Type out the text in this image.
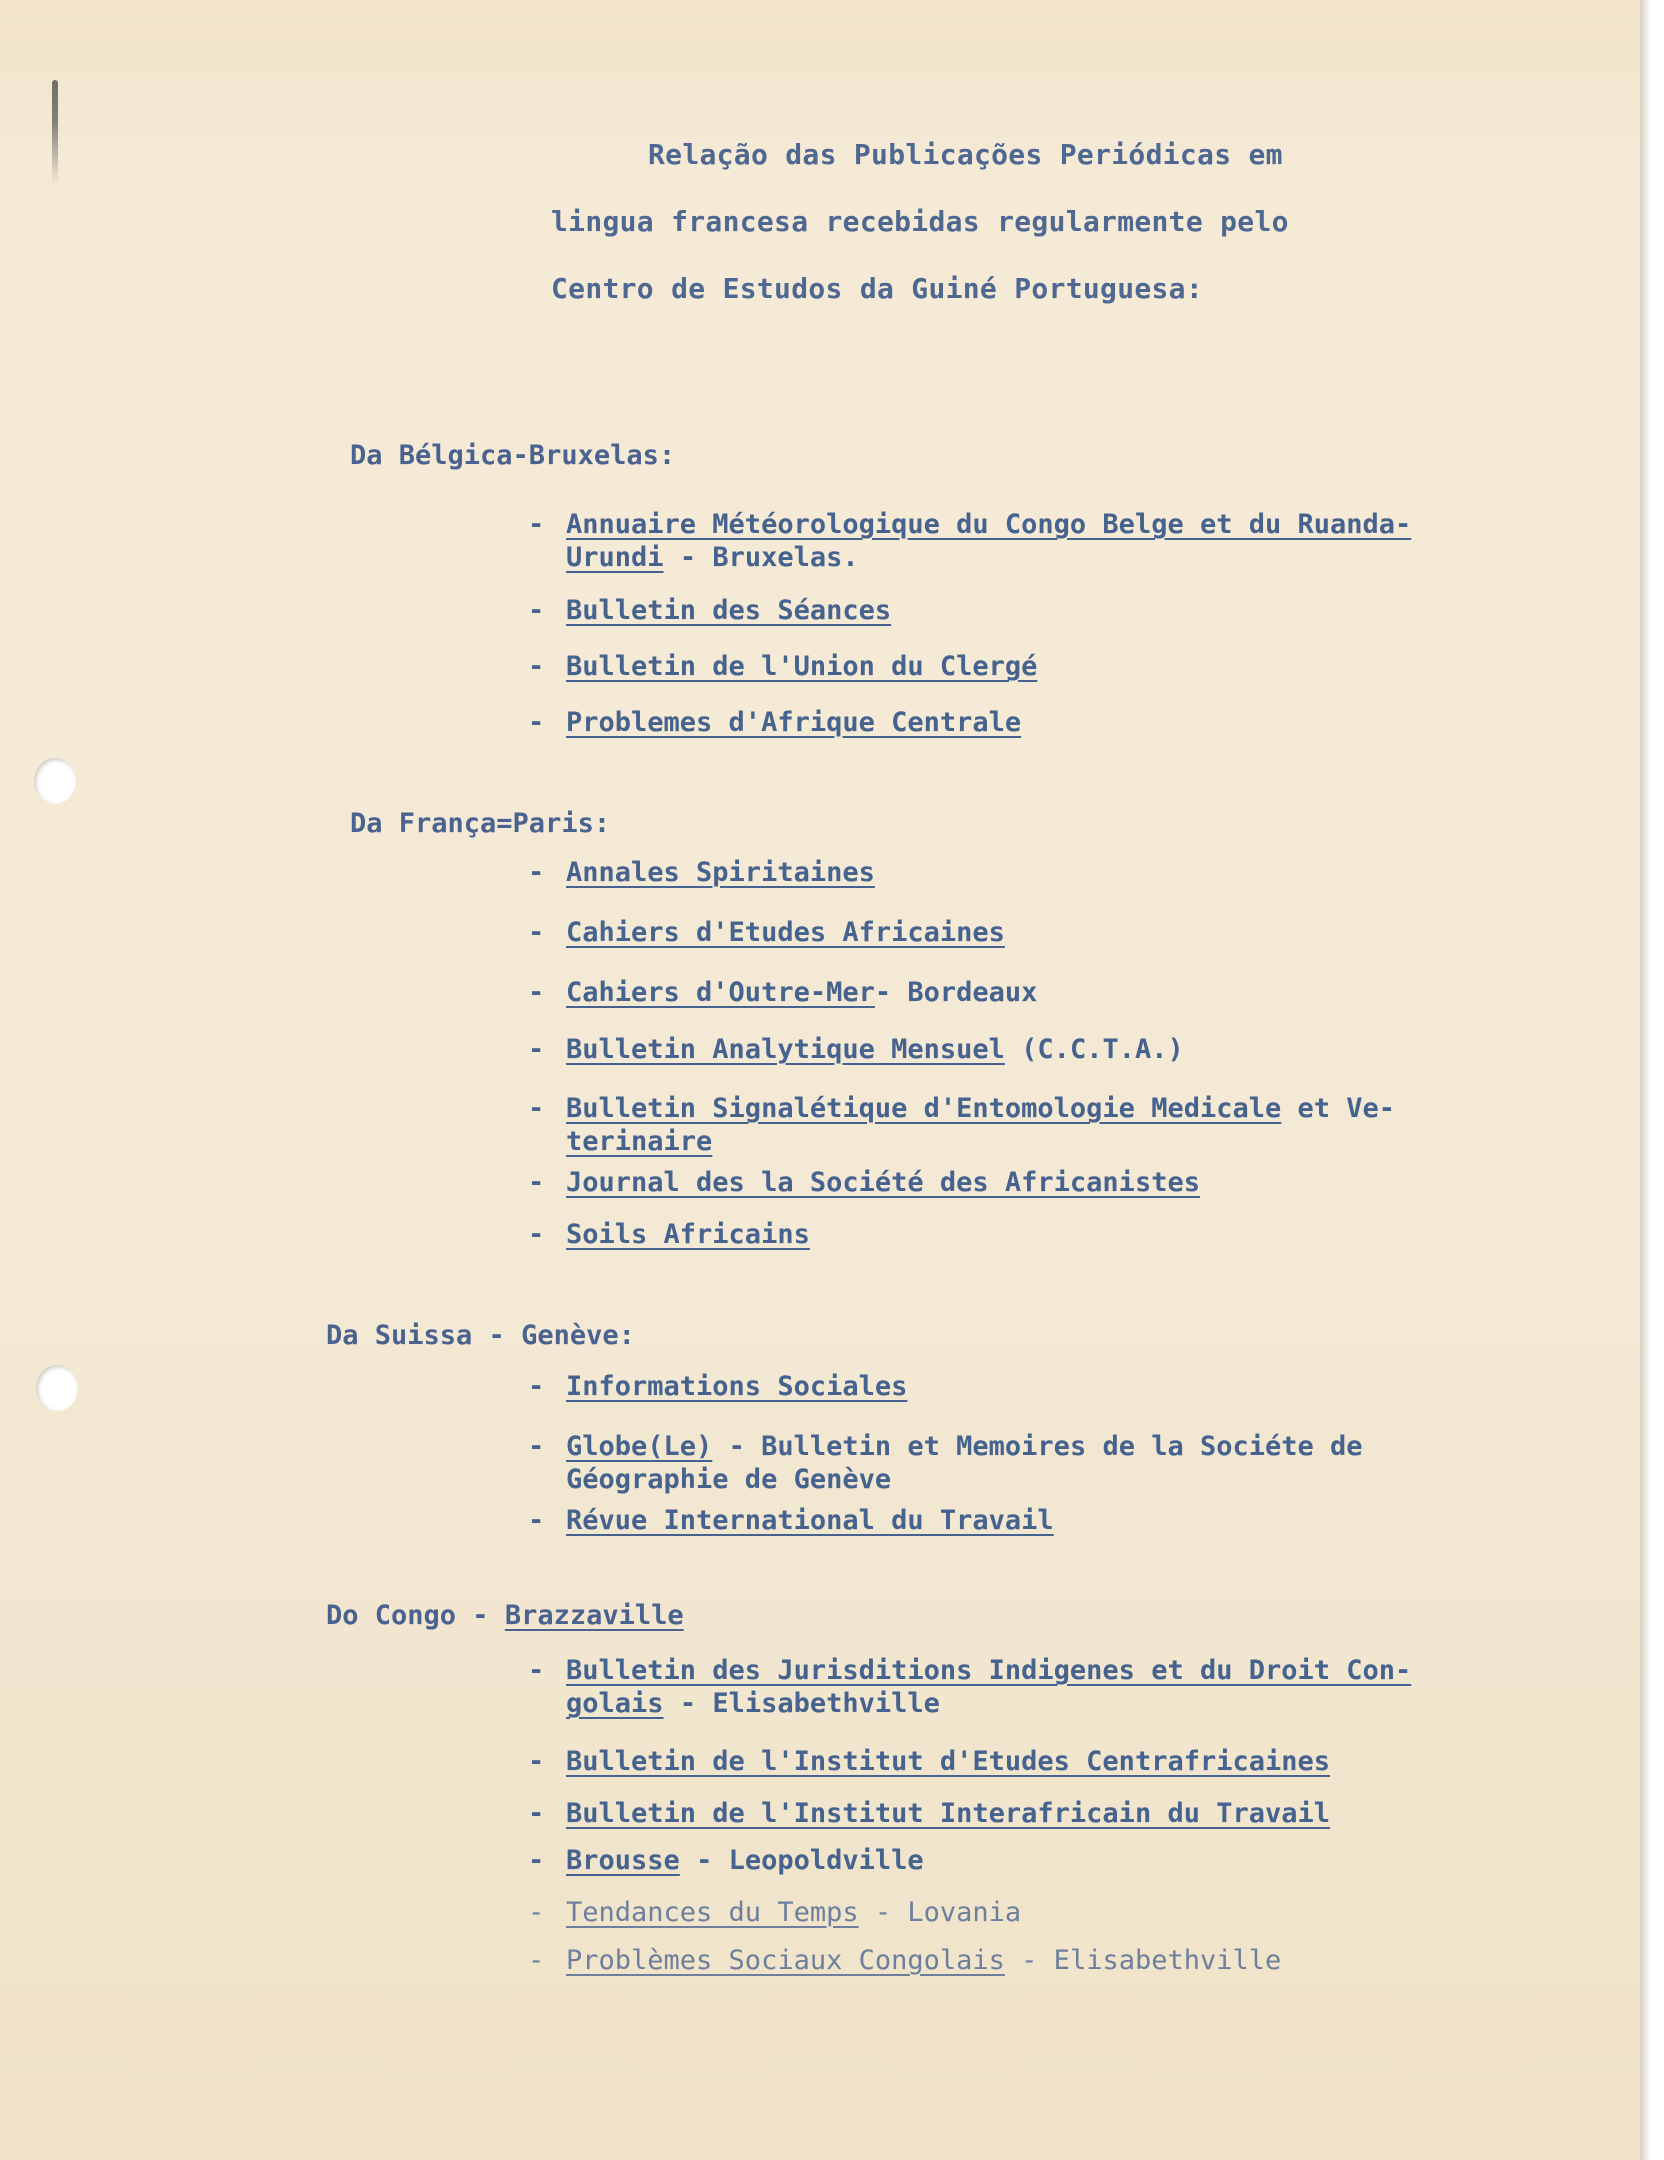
Relação das Publicações Periódicas em
lingua francesa recebidas regularmente pelo
Centro de Estudos da Guiné Portuguesa:
Da Bélgica-Bruxelas:
- Annuaire Météorologique du Congo Belge et du Ruanda-
Urundi - Bruxelas.
- Bulletin des Séances
- Bulletin de l'Union du Clergé
- Problemes d'Afrique Centrale
Da França=Paris:
- Annales Spiritaines
- Cahiers d'Etudes Africaines
- Cahiers d'Outre-Mer- Bordeaux
- Bulletin Analytique Mensuel (C.C.T.A.)
- Bulletin Signalétique d'Entomologie Medicale et Ve-
terinaire
- Journal des la Société des Africanistes
- Soils Africains
Da Suissa - Genève:
- Informations Sociales
- Globe(Le) - Bulletin et Memoires de la Sociéte de
Géographie de Genève
- Révue International du Travail
Do Congo - Brazzaville
- Bulletin des Jurisditions Indigenes et du Droit Con-
golais - Elisabethville
- Bulletin de l'Institut d'Etudes Centrafricaines
- Bulletin de l'Institut Interafricain du Travail
- Brousse - Leopoldville
- Tendances du Temps - Lovania
- Problèmes Sociaux Congolais - Elisabethville
